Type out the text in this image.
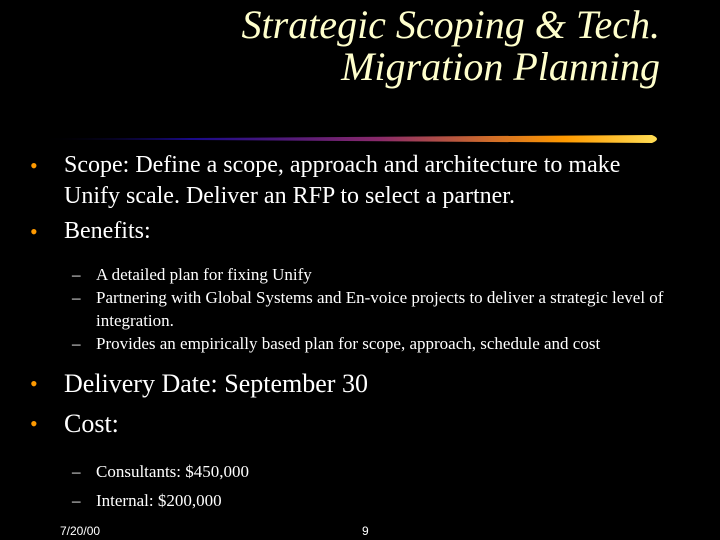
Strategic Scoping & Tech.
Migration Planning
• Scope: Define a scope, approach and architecture to make Unify scale. Deliver an RFP to select a partner.
• Benefits:
– A detailed plan for fixing Unify
– Partnering with Global Systems and En-voice projects to deliver a strategic level of integration.
– Provides an empirically based plan for scope, approach, schedule and cost
• Delivery Date: September 30
• Cost:
– Consultants: $450,000
– Internal: $200,000
7/20/00	9
